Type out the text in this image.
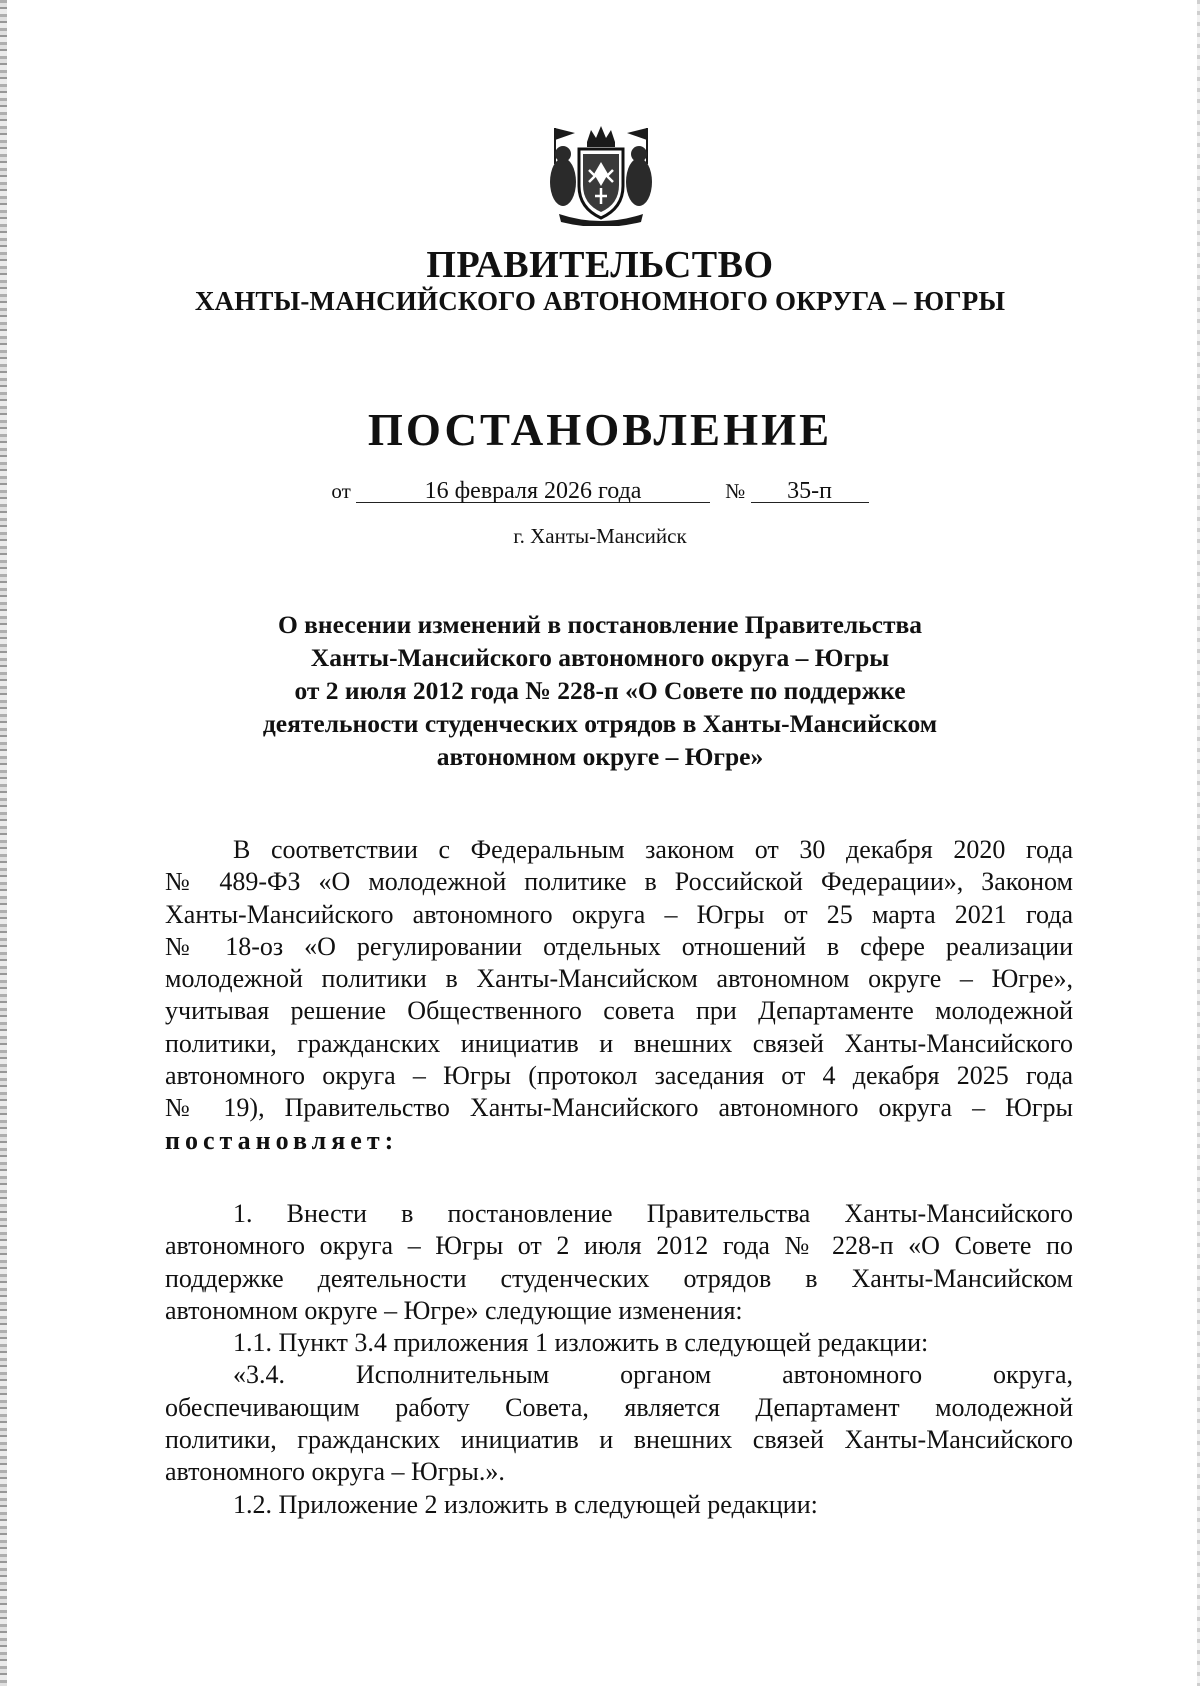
ПРАВИТЕЛЬСТВО
ХАНТЫ-МАНСИЙСКОГО АВТОНОМНОГО ОКРУГА – ЮГРЫ
ПОСТАНОВЛЕНИЕ
от	16 февраля 2026 года	№ 35-п
г. Ханты-Мансийск
О внесении изменений в постановление Правительства
Ханты-Мансийского автономного округа – Югры
от 2 июля 2012 года № 228-п «О Совете по поддержке
деятельности студенческих отрядов в Ханты-Мансийском
автономном округе – Югре»
В соответствии с Федеральным законом от 30 декабря 2020 года
№ 489-ФЗ «О молодежной политике в Российской Федерации», Законом
Ханты-Мансийского автономного округа – Югры от 25 марта 2021 года
№ 18-оз «О регулировании отдельных отношений в сфере реализации
молодежной политики в Ханты-Мансийском автономном округе – Югре»,
учитывая решение Общественного совета при Департаменте молодежной
политики, гражданских инициатив и внешних связей Ханты-Мансийского
автономного округа – Югры (протокол заседания от 4 декабря 2025 года
№ 19), Правительство Ханты-Мансийского автономного округа – Югры
постановляет:
1. Внести в постановление Правительства Ханты-Мансийского
автономного округа – Югры от 2 июля 2012 года № 228-п «О Совете по
поддержке деятельности студенческих отрядов в Ханты-Мансийском
автономном округе – Югре» следующие изменения:
1.1. Пункт 3.4 приложения 1 изложить в следующей редакции:
«3.4. Исполнительным органом автономного округа,
обеспечивающим работу Совета, является Департамент молодежной
политики, гражданских инициатив и внешних связей Ханты-Мансийского
автономного округа – Югры.».
1.2. Приложение 2 изложить в следующей редакции:
